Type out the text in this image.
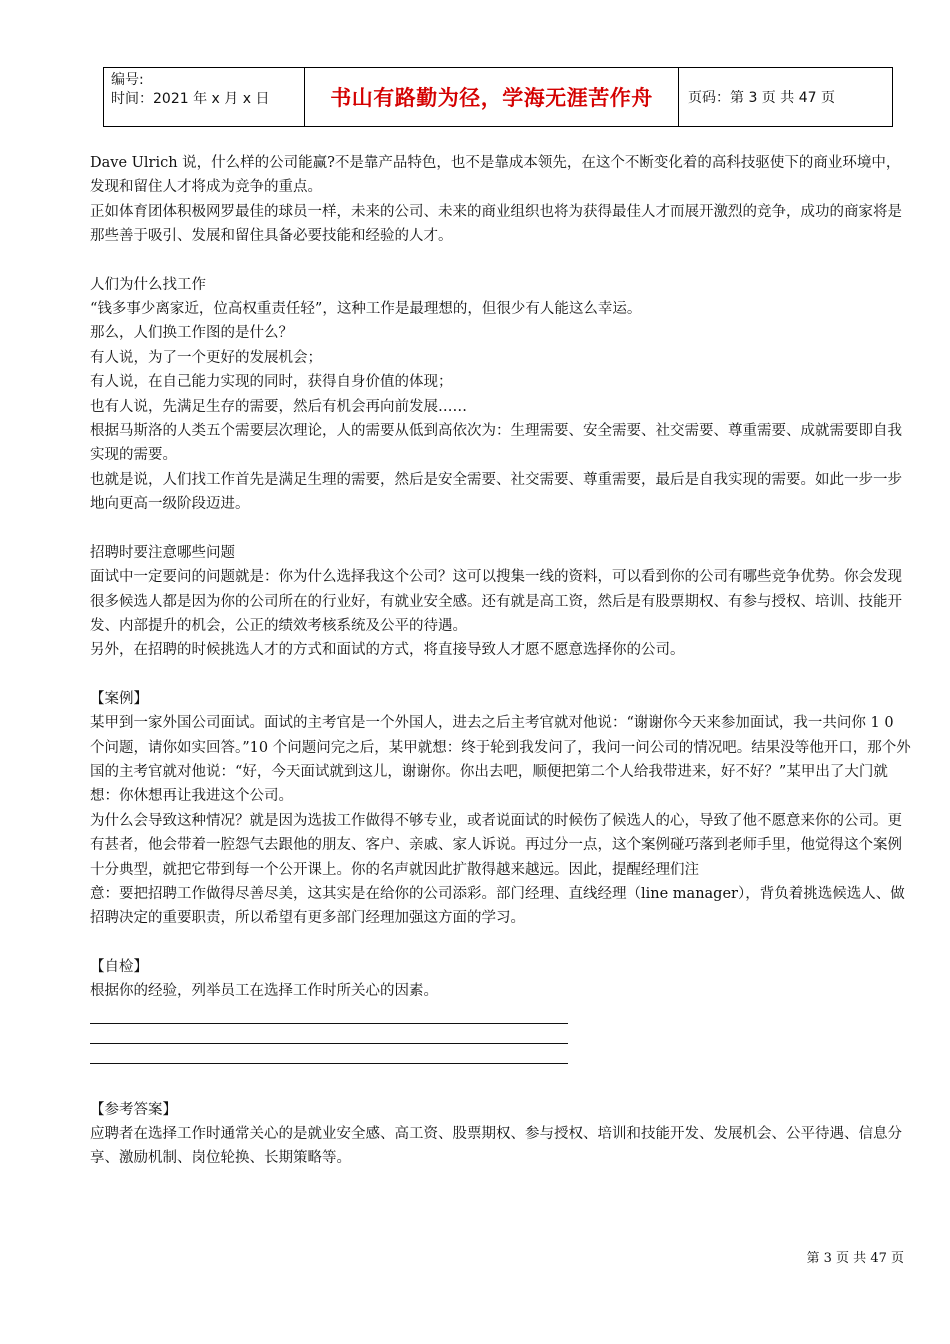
编号:
时间：2021 年 x 月 x 日	书山有路勤为径，学海无涯苦作舟	页码：第 3 页 共 47 页

Dave Ulrich 说，什么样的公司能赢?不是靠产品特色，也不是靠成本领先，在这个不断变化着的高科技驱使下的商业环境中，发现和留住人才将成为竞争的重点。

正如体育团体积极网罗最佳的球员一样，未来的公司、未来的商业组织也将为获得最佳人才而展开激烈的竞争，成功的商家将是那些善于吸引、发展和留住具备必要技能和经验的人才。

人们为什么找工作

“钱多事少离家近，位高权重责任轻”，这种工作是最理想的，但很少有人能这么幸运。

那么，人们换工作图的是什么？

有人说，为了一个更好的发展机会；

有人说，在自己能力实现的同时，获得自身价值的体现；

也有人说，先满足生存的需要，然后有机会再向前发展……

根据马斯洛的人类五个需要层次理论，人的需要从低到高依次为：生理需要、安全需要、社交需要、尊重需要、成就需要即自我实现的需要。

也就是说，人们找工作首先是满足生理的需要，然后是安全需要、社交需要、尊重需要，最后是自我实现的需要。如此一步一步地向更高一级阶段迈进。

招聘时要注意哪些问题

面试中一定要问的问题就是：你为什么选择我这个公司？这可以搜集一线的资料，可以看到你的公司有哪些竞争优势。你会发现很多候选人都是因为你的公司所在的行业好，有就业安全感。还有就是高工资，然后是有股票期权、有参与授权、培训、技能开发、内部提升的机会，公正的绩效考核系统及公平的待遇。

另外，在招聘的时候挑选人才的方式和面试的方式，将直接导致人才愿不愿意选择你的公司。

【案例】

某甲到一家外国公司面试。面试的主考官是一个外国人，进去之后主考官就对他说：“谢谢你今天来参加面试，我一共问你 1 0 个问题，请你如实回答。”10 个问题问完之后，某甲就想：终于轮到我发问了，我问一问公司的情况吧。结果没等他开口，那个外国的主考官就对他说：“好，今天面试就到这儿，谢谢你。你出去吧，顺便把第二个人给我带进来，好不好？”某甲出了大门就想：你休想再让我进这个公司。

为什么会导致这种情况？就是因为选拔工作做得不够专业，或者说面试的时候伤了候选人的心，导致了他不愿意来你的公司。更有甚者，他会带着一腔怨气去跟他的朋友、客户、亲戚、家人诉说。再过分一点，这个案例碰巧落到老师手里，他觉得这个案例十分典型，就把它带到每一个公开课上。你的名声就因此扩散得越来越远。因此，提醒经理们注

意：要把招聘工作做得尽善尽美，这其实是在给你的公司添彩。部门经理、直线经理（line manager），背负着挑选候选人、做招聘决定的重要职责，所以希望有更多部门经理加强这方面的学习。

【自检】

根据你的经验，列举员工在选择工作时所关心的因素。

【参考答案】

应聘者在选择工作时通常关心的是就业安全感、高工资、股票期权、参与授权、培训和技能开发、发展机会、公平待遇、信息分享、激励机制、岗位轮换、长期策略等。

第 3 页 共 47 页
